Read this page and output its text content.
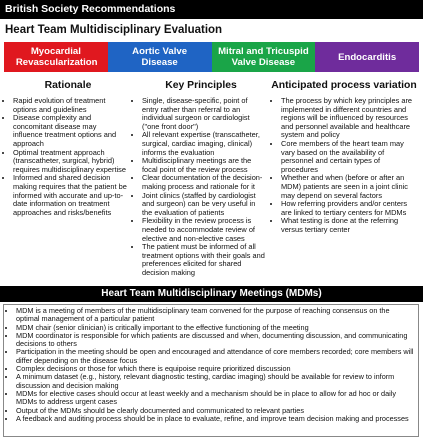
British Society Recommendations
Heart Team Multidisciplinary Evaluation
Myocardial Revascularization
Aortic Valve Disease
Mitral and Tricuspid Valve Disease	Endocarditis
Rationale	Key Principles	Anticipated process variation
• Rapid evolution of treatment options and guidelines
• Disease complexity and concomitant disease may influence treatment options and approach
• Optimal treatment approach (transcatheter, surgical, hybrid) requires multidisciplinary expertise
• Informed and shared decision making requires that the patient be informed with accurate and up-to-date information on treatment approaches and risks/benefits
• Single, disease-specific, point of entry rather than referral to an individual surgeon or cardiologist ("one front door")
• All relevant expertise (transcatheter, surgical, cardiac imaging, clinical) informs the evaluation
• Multidisciplinary meetings are the focal point of the review process
• Clear documentation of the decision-making process and rationale for it
• Joint clinics (staffed by cardiologist and surgeon) can be very useful in the evaluation of patients
• Flexibility in the review process is needed to accommodate review of elective and non-elective cases
• The patient must be informed of all treatment options with their goals and preferences elicited for shared decision making
• The process by which key principles are implemented in different countries and regions will be influenced by resources and personnel available and healthcare system and policy
• Core members of the heart team may vary based on the availability of personnel and certain types of procedures
• Whether and when (before or after an MDM) patients are seen in a joint clinic may depend on several factors
• How referring providers and/or centers are linked to tertiary centers for MDMs
• What testing is done at the referring versus tertiary center
Heart Team Multidisciplinary Meetings (MDMs)
• MDM is a meeting of members of the multidisciplinary team convened for the purpose of reaching consensus on the optimal management of a particular patient
• MDM chair (senior clinician) is critically important to the effective functioning of the meeting
• MDM coordinator is responsible for which patients are discussed and when, documenting discussion, and communicating decisions to others
• Participation in the meeting should be open and encouraged and attendance of core members recorded; core members will differ depending on the disease focus
• Complex decisions or those for which there is equipoise require prioritized discussion
• A minimum dataset (e.g., history, relevant diagnostic testing, cardiac imaging) should be available for review to inform discussion and decision making
• MDMs for elective cases should occur at least weekly and a mechanism should be in place to allow for ad hoc or daily MDMs to address urgent cases
• Output of the MDMs should be clearly documented and communicated to relevant parties
• A feedback and auditing process should be in place to evaluate, refine, and improve team decision making and processes
